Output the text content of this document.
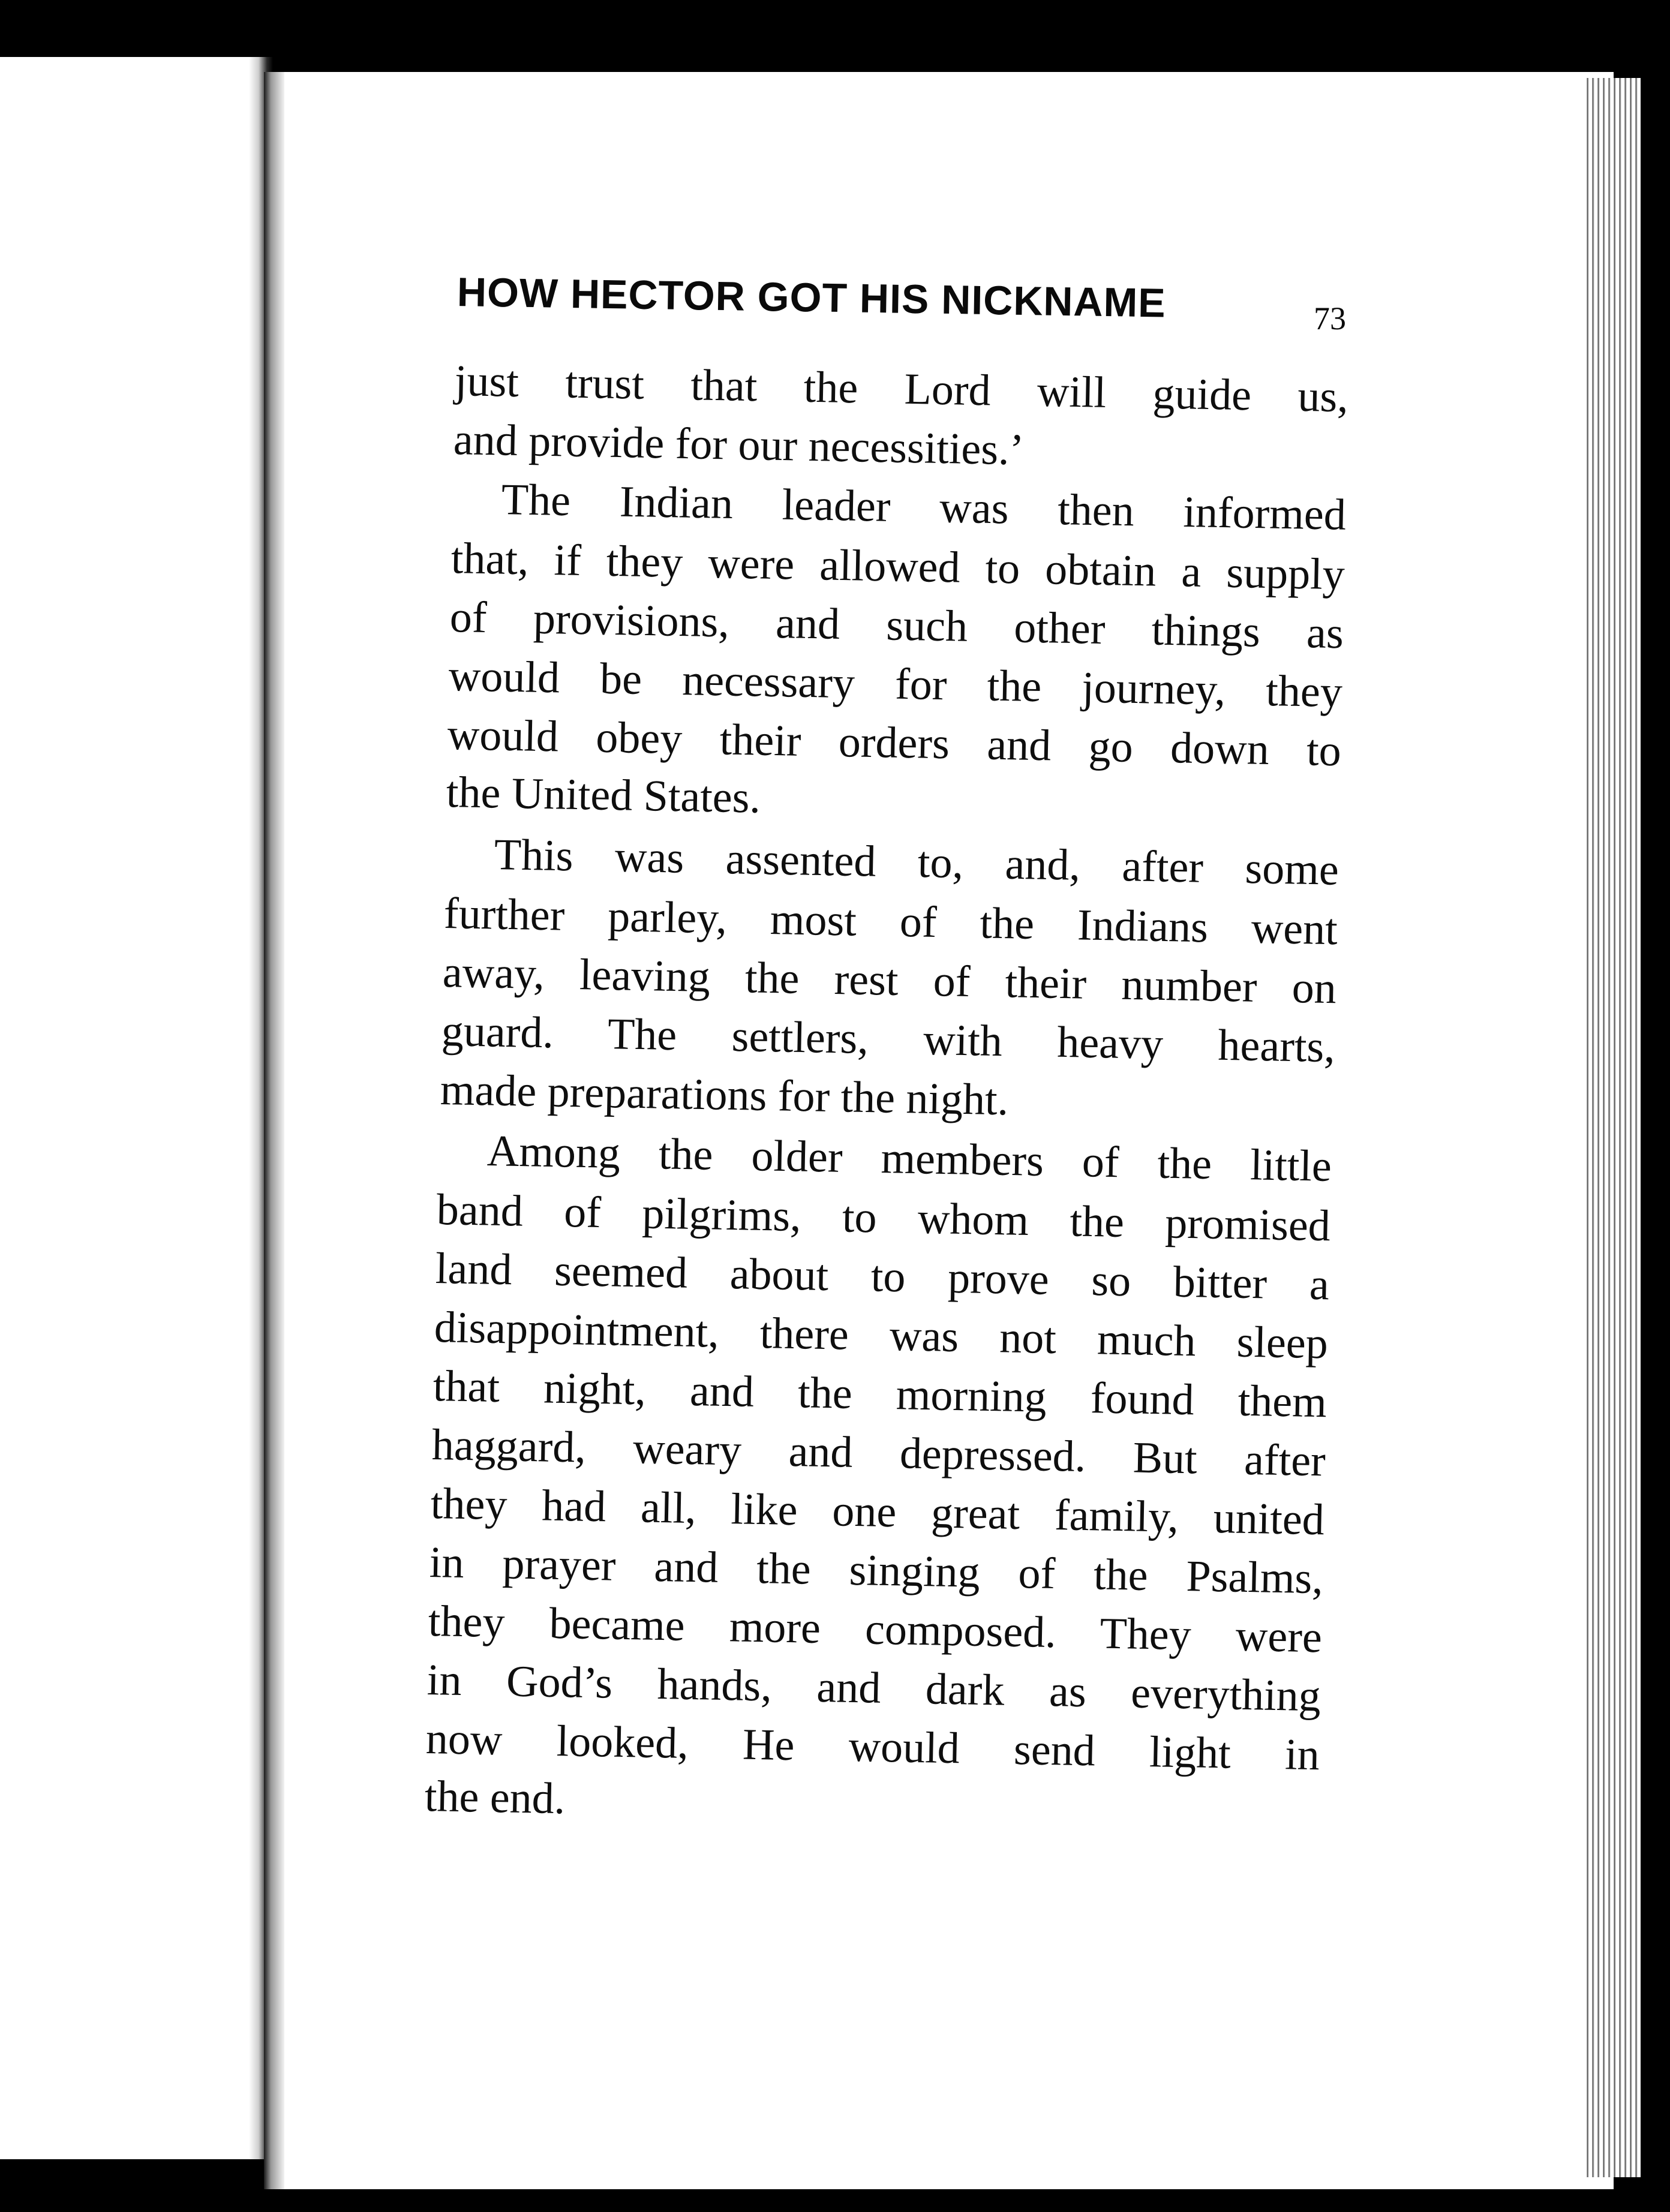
HOW HECTOR GOT HIS NICKNAME	73
just trust that the Lord will guide us,
and provide for our necessities.’
The Indian leader was then informed
that, if they were allowed to obtain a supply
of provisions, and such other things as
would be necessary for the journey, they
would obey their orders and go down to
the United States.
This was assented to, and, after some
further parley, most of the Indians went
away, leaving the rest of their number on
guard. The settlers, with heavy hearts,
made preparations for the night.
Among the older members of the little
band of pilgrims, to whom the promised
land seemed about to prove so bitter a
disappointment, there was not much sleep
that night, and the morning found them
haggard, weary and depressed. But after
they had all, like one great family, united
in prayer and the singing of the Psalms,
they became more composed. They were
in God’s hands, and dark as everything
now looked, He would send light in
the end.
